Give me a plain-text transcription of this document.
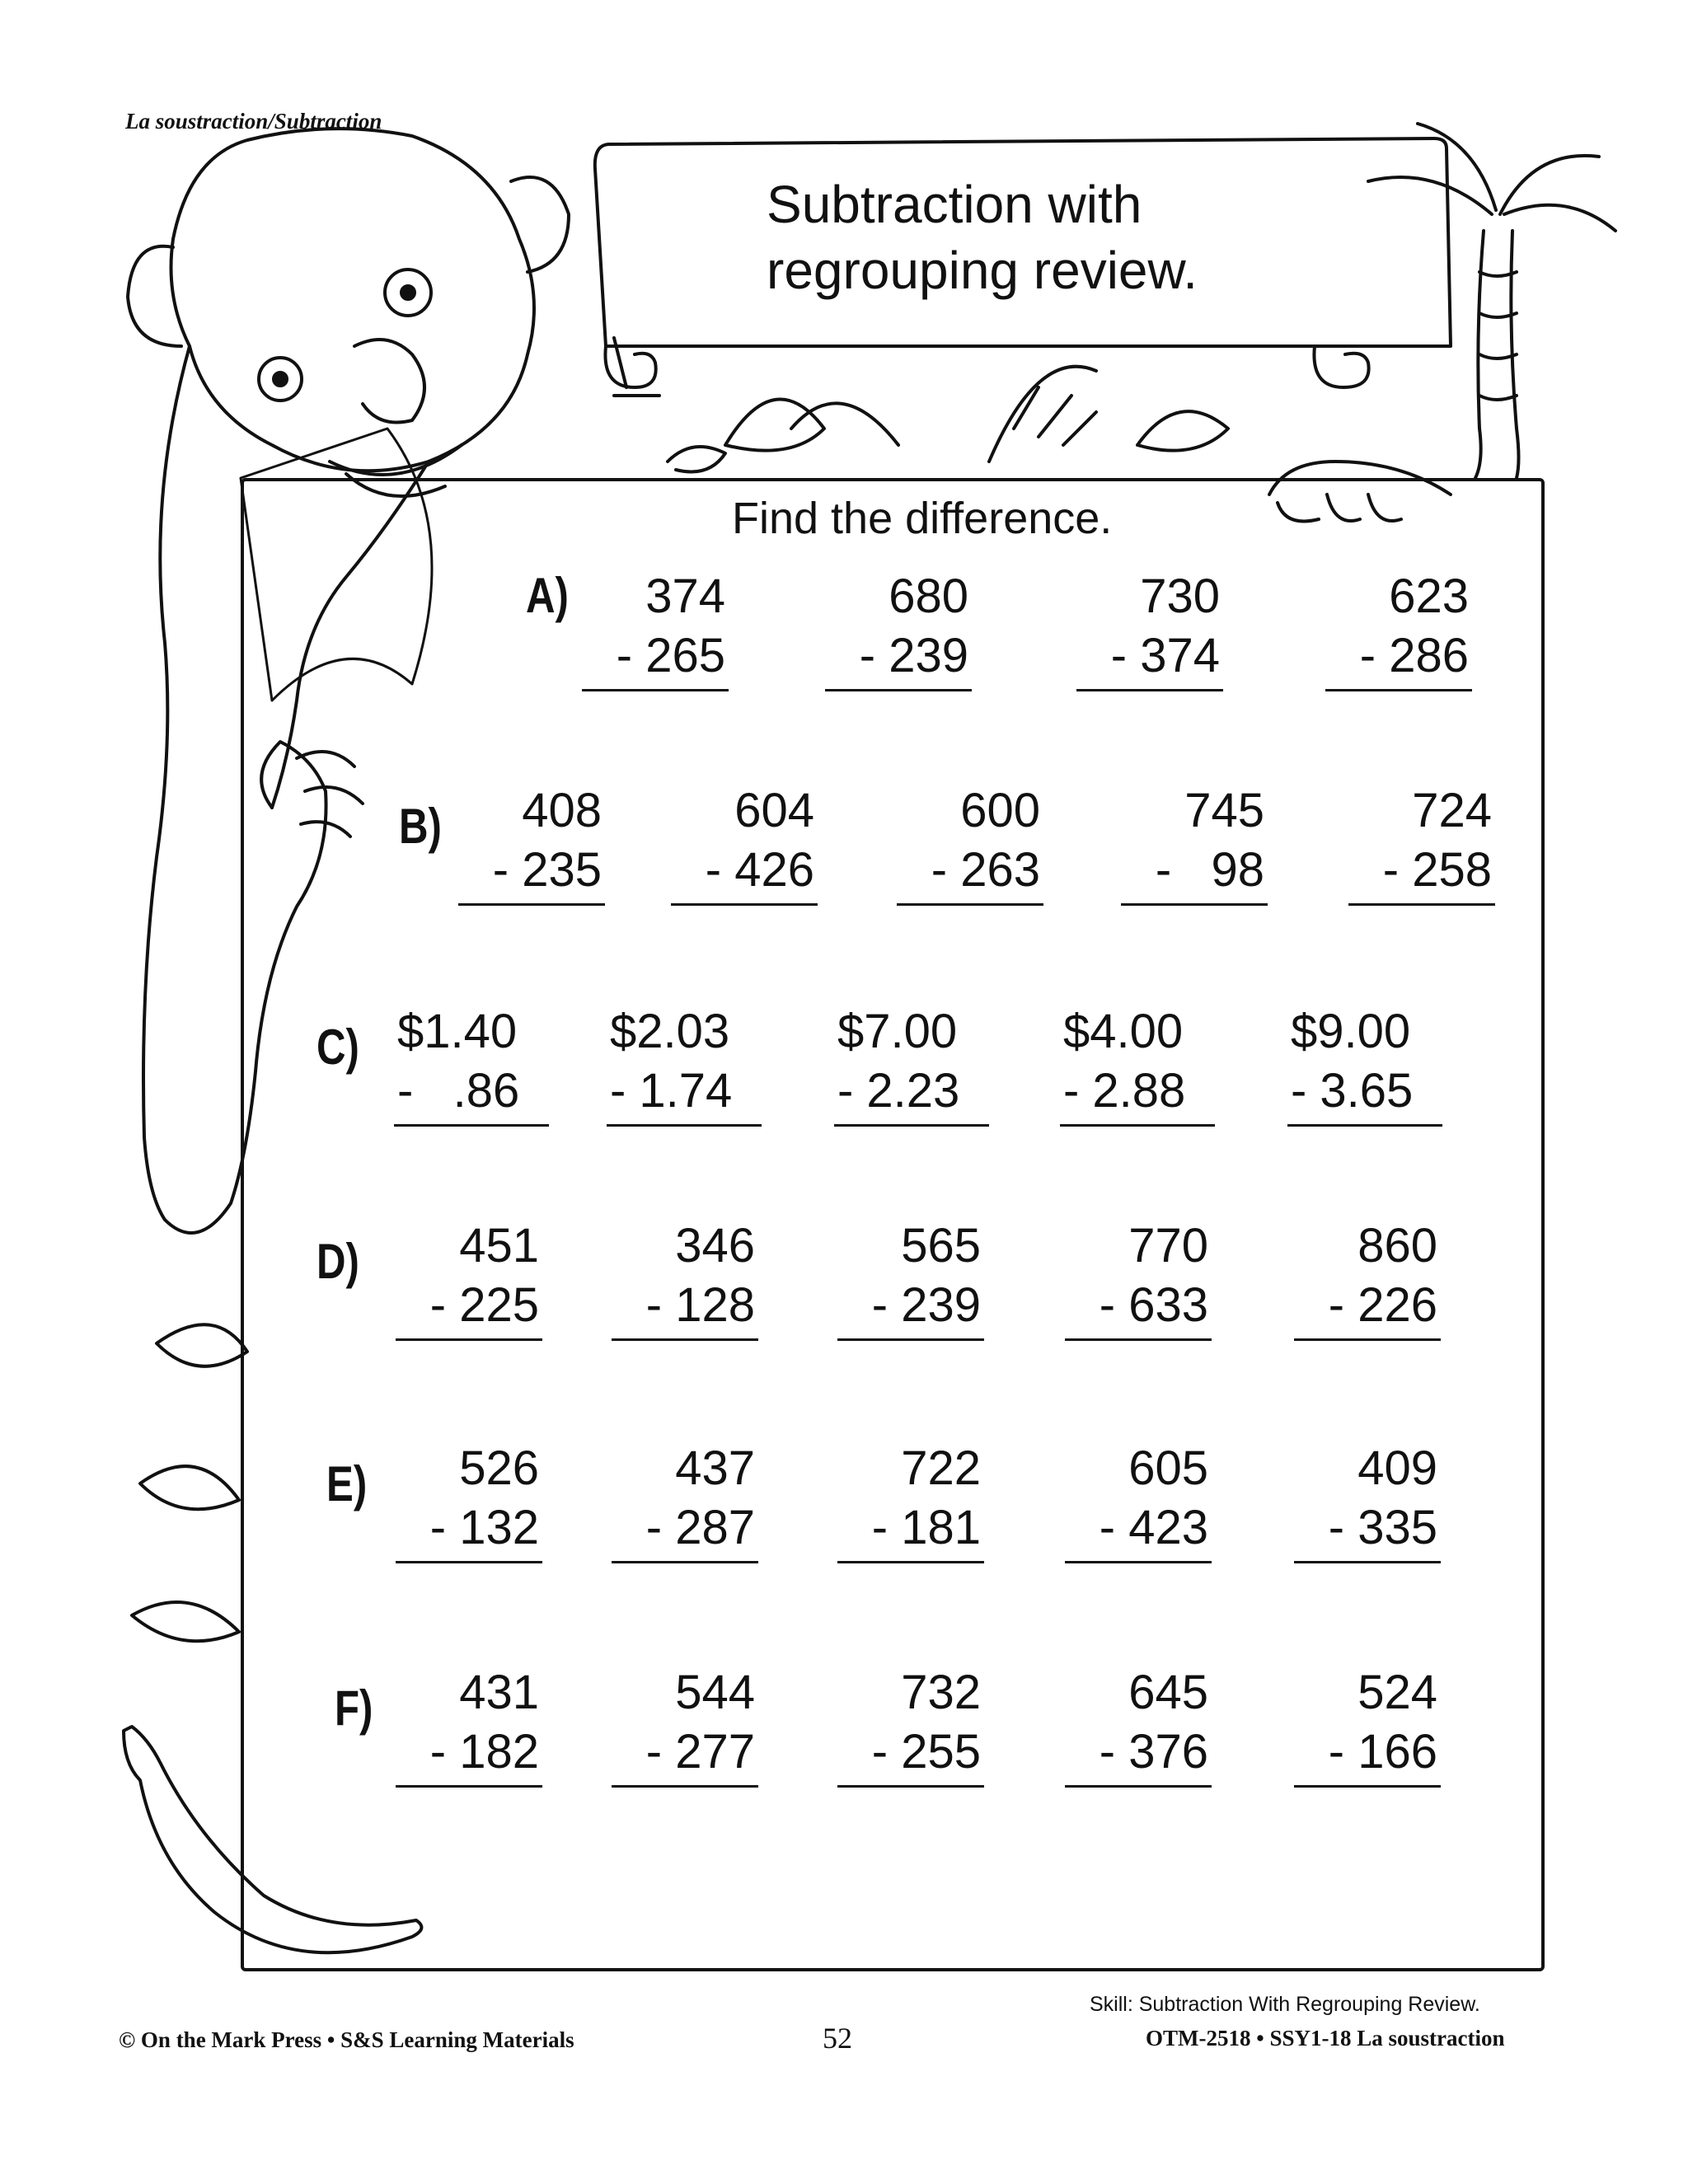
La soustraction/Subtraction
Subtraction with
regrouping review.
Find the difference.
A)	374
- 265
680
- 239
730
- 374
623
- 286
B)	408
- 235
604
- 426
600
- 263
745
-   98
724
- 258
C) $1.40
-   .86
$2.03
- 1.74
$7.00
- 2.23
$4.00
- 2.88
$9.00
- 3.65
D)	451
- 225
346
- 128
565
- 239
770
- 633
860
- 226
E)	526
- 132
437
- 287
722
- 181
605
- 423
409
- 335
F)	431
- 182
544
- 277
732
- 255
645
- 376
524
- 166
© On the Mark Press • S&S Learning Materials	52
Skill: Subtraction With Regrouping Review.
OTM-2518 • SSY1-18 La soustraction
